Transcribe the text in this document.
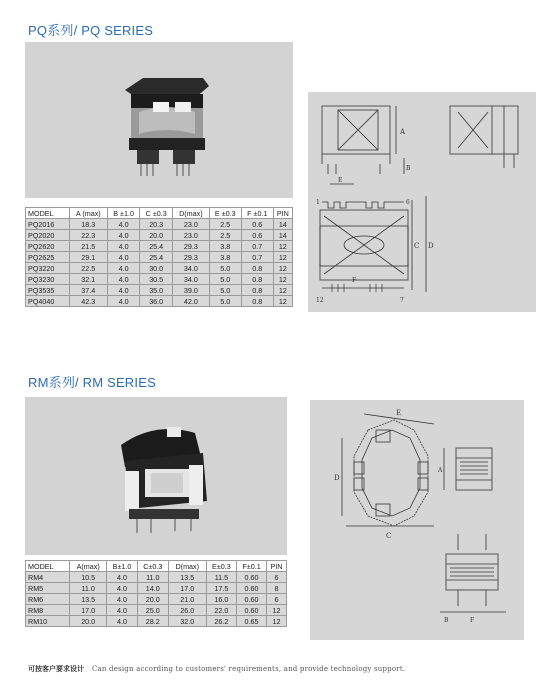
PQ系列/ PQ SERIES
MODEL	A (max)	B ±1.0	C ±0.3	D(max)	E ±0.3	F ±0.1	PIN
PQ2016	18.3	4.0	20.3	23.0	2.5	0.6	14
PQ2020	22.3	4.0	20.0	23.0	2.5	0.6	14
PQ2620	21.5	4.0	25.4	29.3	3.8	0.7	12
PQ2625	29.1	4.0	25.4	29.3	3.8	0.7	12
PQ3220	22.5	4.0	30.0	34.0	5.0	0.8	12
PQ3230	32.1	4.0	30.5	34.0	5.0	0.8	12
PQ3535	37.4	4.0	35.0	39.0	5.0	0.8	12
PQ4040	42.3	4.0	36.0	42.0	5.0	0.8	12
A
B
E
1	6
C D
F
12	7
RM系列/ RM SERIES
MODEL	A(max)	B±1.0	C±0.3	D(max)	E±0.3	F±0.1	PIN
RM4	10.5	4.0	11.0	13.5	11.5	0.60	6
RM5	11.0	4.0	14.0	17.0	17.5	0.60	8
RM6	13.5	4.0	20.0	21.0	16.0	0.60	6
RM8	17.0	4.0	25.0	26.0	22.0	0.60	12
RM10	20.0	4.0	28.2	32.0	26.2	0.65	12
E
D
C
A
B	F
可按客户要求设计 Can design according to customers' requirements, and provide technology support.
